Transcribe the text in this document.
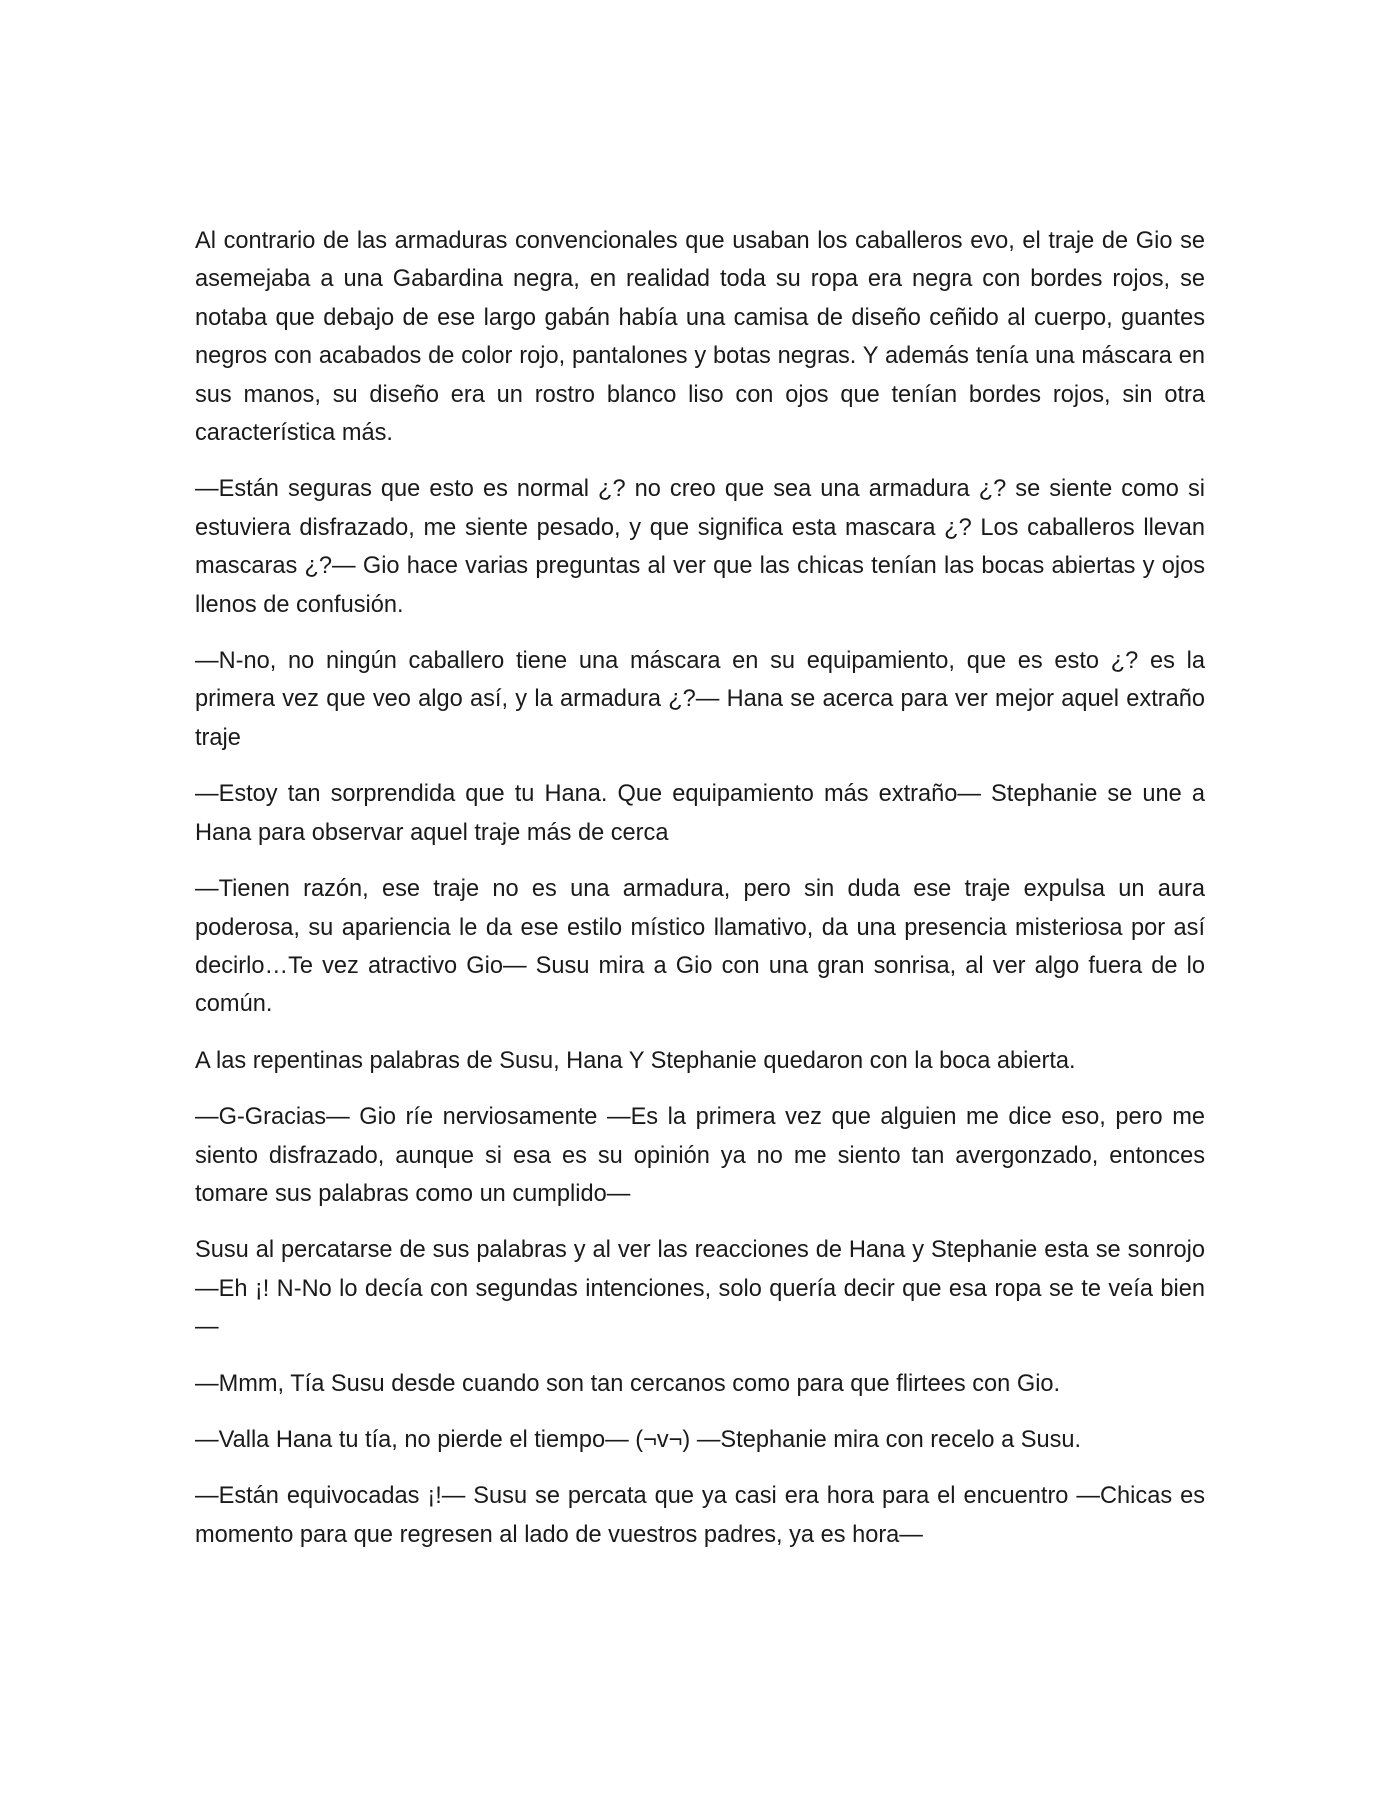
Al contrario de las armaduras convencionales que usaban los caballeros evo, el traje de Gio se asemejaba a una Gabardina negra, en realidad toda su ropa era negra con bordes rojos, se notaba que debajo de ese largo gabán había una camisa de diseño ceñido al cuerpo, guantes negros con acabados de color rojo, pantalones y botas negras. Y además tenía una máscara en sus manos, su diseño era un rostro blanco liso con ojos que tenían bordes rojos, sin otra característica más.

—Están seguras que esto es normal ¿? no creo que sea una armadura ¿? se siente como si estuviera disfrazado, me siente pesado, y que significa esta mascara ¿? Los caballeros llevan mascaras ¿?— Gio hace varias preguntas al ver que las chicas tenían las bocas abiertas y ojos llenos de confusión.

—N-no, no ningún caballero tiene una máscara en su equipamiento, que es esto ¿? es la primera vez que veo algo así, y la armadura ¿?— Hana se acerca para ver mejor aquel extraño traje

—Estoy tan sorprendida que tu Hana. Que equipamiento más extraño— Stephanie se une a Hana para observar aquel traje más de cerca

—Tienen razón, ese traje no es una armadura, pero sin duda ese traje expulsa un aura poderosa, su apariencia le da ese estilo místico llamativo, da una presencia misteriosa por así decirlo…Te vez atractivo Gio— Susu mira a Gio con una gran sonrisa, al ver algo fuera de lo común.

A las repentinas palabras de Susu, Hana Y Stephanie quedaron con la boca abierta.

—G-Gracias— Gio ríe nerviosamente —Es la primera vez que alguien me dice eso, pero me siento disfrazado, aunque si esa es su opinión ya no me siento tan avergonzado, entonces tomare sus palabras como un cumplido—

Susu al percatarse de sus palabras y al ver las reacciones de Hana y Stephanie esta se sonrojo —Eh ¡! N-No lo decía con segundas intenciones, solo quería decir que esa ropa se te veía bien—

—Mmm, Tía Susu desde cuando son tan cercanos como para que flirtees con Gio.

—Valla Hana tu tía, no pierde el tiempo— (¬v¬) —Stephanie mira con recelo a Susu.

—Están equivocadas ¡!— Susu se percata que ya casi era hora para el encuentro —Chicas es momento para que regresen al lado de vuestros padres, ya es hora—
